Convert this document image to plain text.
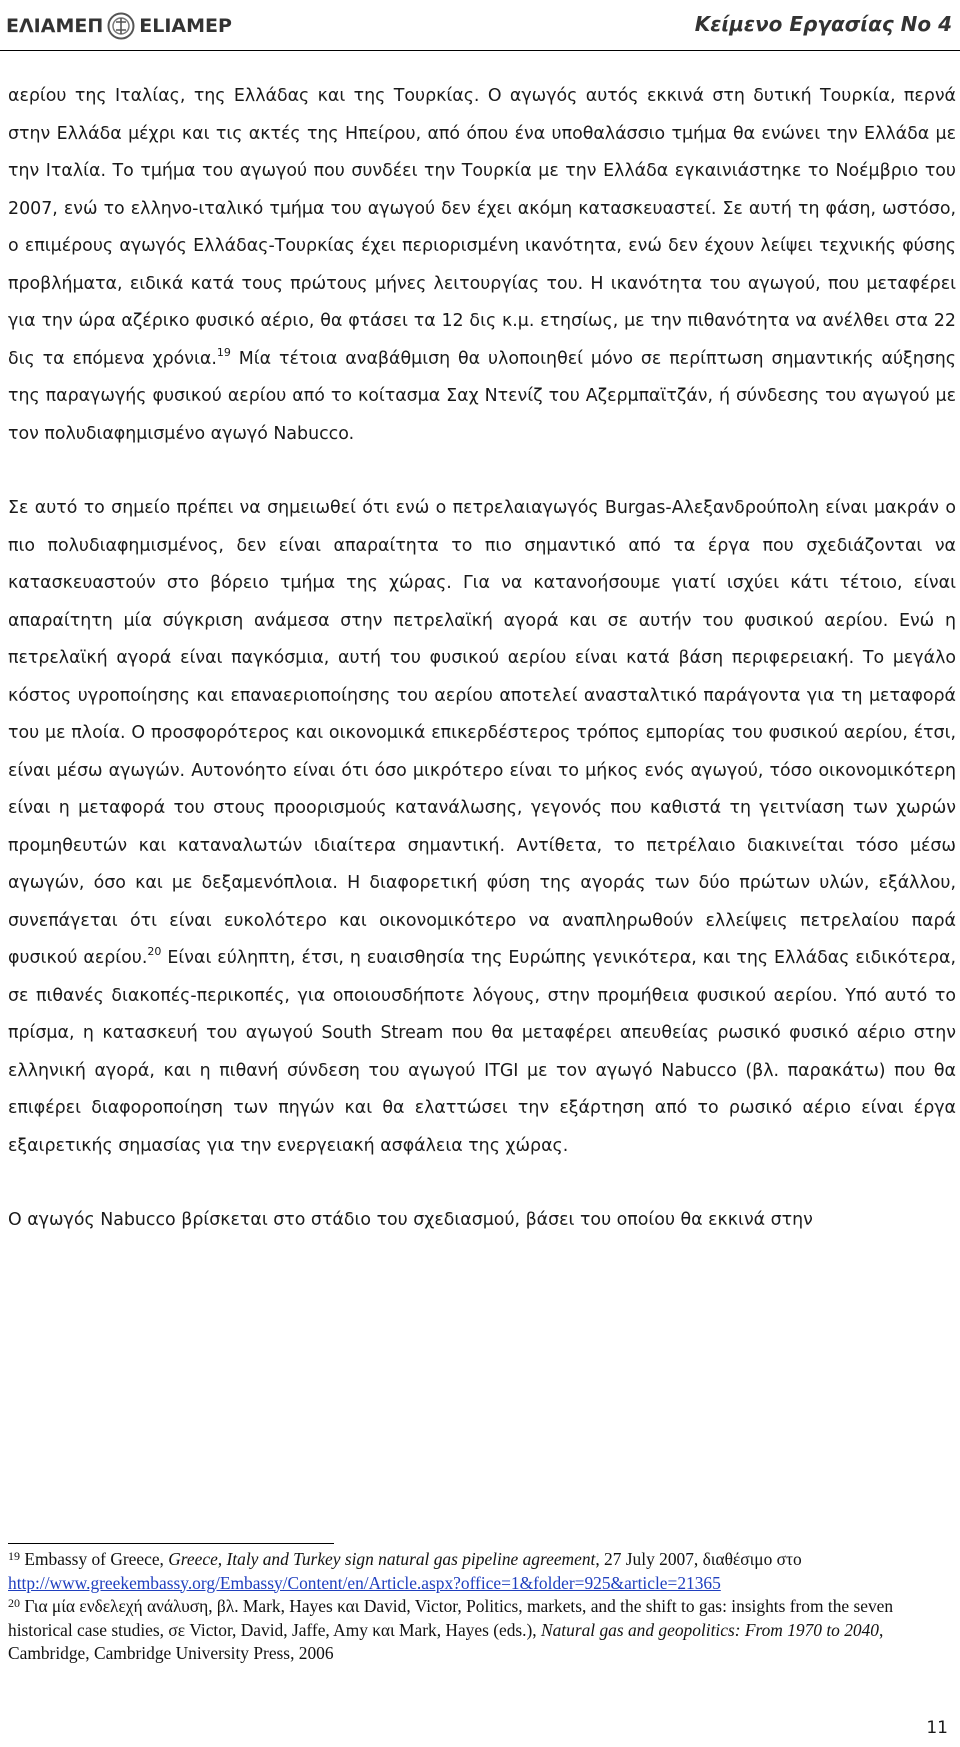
ΕΛΙΑΜΕΠ ELIAMEP	Κείμενο Εργασίας Νο 4

αερίου της Ιταλίας, της Ελλάδας και της Τουρκίας. Ο αγωγός αυτός εκκινά στη δυτική Τουρκία, περνά στην Ελλάδα μέχρι και τις ακτές της Ηπείρου, από όπου ένα υποθαλάσσιο τμήμα θα ενώνει την Ελλάδα με την Ιταλία. Το τμήμα του αγωγού που συνδέει την Τουρκία με την Ελλάδα εγκαινιάστηκε το Νοέμβριο του 2007, ενώ το ελληνο-ιταλικό τμήμα του αγωγού δεν έχει ακόμη κατασκευαστεί. Σε αυτή τη φάση, ωστόσο, ο επιμέρους αγωγός Ελλάδας-Τουρκίας έχει περιορισμένη ικανότητα, ενώ δεν έχουν λείψει τεχνικής φύσης προβλήματα, ειδικά κατά τους πρώτους μήνες λειτουργίας του. Η ικανότητα του αγωγού, που μεταφέρει για την ώρα αζέρικο φυσικό αέριο, θα φτάσει τα 12 δις κ.μ. ετησίως, με την πιθανότητα να ανέλθει στα 22 δις τα επόμενα χρόνια.$^{19}$ Μία τέτοια αναβάθμιση θα υλοποιηθεί μόνο σε περίπτωση σημαντικής αύξησης της παραγωγής φυσικού αερίου από το κοίτασμα Σαχ Ντενίζ του Αζερμπαϊτζάν, ή σύνδεσης του αγωγού με τον πολυδιαφημισμένο αγωγό Nabucco.

Σε αυτό το σημείο πρέπει να σημειωθεί ότι ενώ ο πετρελαιαγωγός Burgas-Αλεξανδρούπολη είναι μακράν ο πιο πολυδιαφημισμένος, δεν είναι απαραίτητα το πιο σημαντικό από τα έργα που σχεδιάζονται να κατασκευαστούν στο βόρειο τμήμα της χώρας. Για να κατανοήσουμε γιατί ισχύει κάτι τέτοιο, είναι απαραίτητη μία σύγκριση ανάμεσα στην πετρελαϊκή αγορά και σε αυτήν του φυσικού αερίου. Ενώ η πετρελαϊκή αγορά είναι παγκόσμια, αυτή του φυσικού αερίου είναι κατά βάση περιφερειακή. Το μεγάλο κόστος υγροποίησης και επαναεριοποίησης του αερίου αποτελεί ανασταλτικό παράγοντα για τη μεταφορά του με πλοία. Ο προσφορότερος και οικονομικά επικερδέστερος τρόπος εμπορίας του φυσικού αερίου, έτσι, είναι μέσω αγωγών. Αυτονόητο είναι ότι όσο μικρότερο είναι το μήκος ενός αγωγού, τόσο οικονομικότερη είναι η μεταφορά του στους προορισμούς κατανάλωσης, γεγονός που καθιστά τη γειτνίαση των χωρών προμηθευτών και καταναλωτών ιδιαίτερα σημαντική. Αντίθετα, το πετρέλαιο διακινείται τόσο μέσω αγωγών, όσο και με δεξαμενόπλοια. Η διαφορετική φύση της αγοράς των δύο πρώτων υλών, εξάλλου, συνεπάγεται ότι είναι ευκολότερο και οικονομικότερο να αναπληρωθούν ελλείψεις πετρελαίου παρά φυσικού αερίου.$^{20}$ Είναι εύληπτη, έτσι, η ευαισθησία της Ευρώπης γενικότερα, και της Ελλάδας ειδικότερα, σε πιθανές διακοπές-περικοπές, για οποιουσδήποτε λόγους, στην προμήθεια φυσικού αερίου. Υπό αυτό το πρίσμα, η κατασκευή του αγωγού South Stream που θα μεταφέρει απευθείας ρωσικό φυσικό αέριο στην ελληνική αγορά, και η πιθανή σύνδεση του αγωγού ITGI με τον αγωγό Nabucco (βλ. παρακάτω) που θα επιφέρει διαφοροποίηση των πηγών και θα ελαττώσει την εξάρτηση από το ρωσικό αέριο είναι έργα εξαιρετικής σημασίας για την ενεργειακή ασφάλεια της χώρας.

Ο αγωγός Nabucco βρίσκεται στο στάδιο του σχεδιασμού, βάσει του οποίου θα εκκινά στην

$^{19}$ Embassy of Greece, Greece, Italy and Turkey sign natural gas pipeline agreement, 27 July 2007, διαθέσιμο στο
http://www.greekembassy.org/Embassy/Content/en/Article.aspx?office=1&folder=925&article=21365

$^{20}$ Για μία ενδελεχή ανάλυση, βλ. Mark, Hayes και David, Victor, Politics, markets, and the shift to gas: insights from the seven historical case studies, σε Victor, David, Jaffe, Amy και Mark, Hayes (eds.), Natural gas and geopolitics: From 1970 to 2040, Cambridge, Cambridge University Press, 2006

11
